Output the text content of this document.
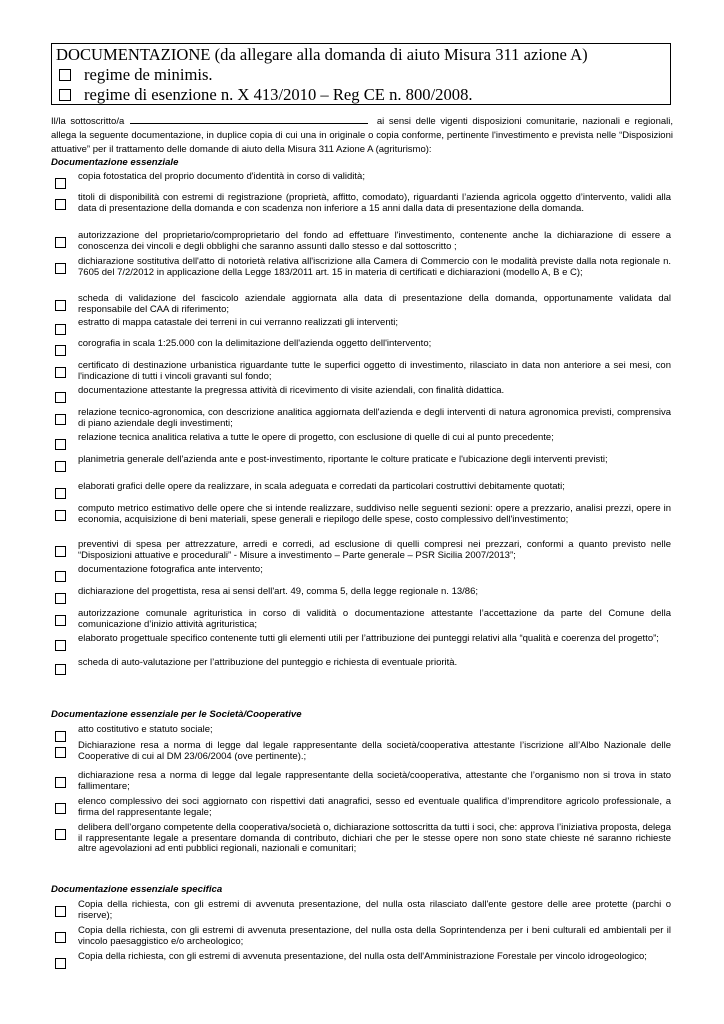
DOCUMENTAZIONE (da allegare alla domanda di aiuto Misura 311 azione A)
regime de minimis.
regime di esenzione n. X 413/2010 – Reg CE n. 800/2008.
Il/la sottoscritto/a	ai sensi delle vigenti disposizioni comunitarie, nazionali e regionali, allega la seguente documentazione, in duplice copia di cui una in originale o copia conforme, pertinente l'investimento e prevista nelle “Disposizioni attuative” per il trattamento delle domande di aiuto della Misura 311 Azione A (agriturismo):
Documentazione essenziale
copia fotostatica del proprio documento d'identità in corso di validità;
titoli di disponibilità con estremi di registrazione (proprietà, affitto, comodato), riguardanti l’azienda agricola oggetto d’intervento, validi alla data di presentazione della domanda e con scadenza non inferiore a 15 anni dalla data di presentazione della domanda.
autorizzazione del proprietario/comproprietario del fondo ad effettuare l'investimento, contenente anche la dichiarazione di essere a conoscenza dei vincoli e degli obblighi che saranno assunti dallo stesso e dal sottoscritto ;
dichiarazione sostitutiva dell'atto di notorietà relativa all'iscrizione alla Camera di Commercio con le modalità previste dalla nota regionale n. 7605 del 7/2/2012 in applicazione della Legge 183/2011 art. 15 in materia di certificati e dichiarazioni (modello A, B e C);
scheda di validazione del fascicolo aziendale aggiornata alla data di presentazione della domanda, opportunamente validata dal responsabile del CAA di riferimento;
estratto di mappa catastale dei terreni in cui verranno realizzati gli interventi;
corografia in scala 1:25.000 con la delimitazione dell'azienda oggetto dell'intervento;
certificato di destinazione urbanistica riguardante tutte le superfici oggetto di investimento, rilasciato in data non anteriore a sei mesi, con l'indicazione di tutti i vincoli gravanti sul fondo;
documentazione attestante la pregressa attività di ricevimento di visite aziendali, con finalità didattica.
relazione tecnico-agronomica, con descrizione analitica aggiornata dell'azienda e degli interventi di natura agronomica previsti, comprensiva di piano aziendale degli investimenti;
relazione tecnica analitica relativa a tutte le opere di progetto, con esclusione di quelle di cui al punto precedente;
planimetria generale dell'azienda ante e post-investimento, riportante le colture praticate e l'ubicazione degli interventi previsti;
elaborati grafici delle opere da realizzare, in scala adeguata e corredati da particolari costruttivi debitamente quotati;
computo metrico estimativo delle opere che si intende realizzare, suddiviso nelle seguenti sezioni: opere a prezzario, analisi prezzi, opere in economia, acquisizione di beni materiali, spese generali e riepilogo delle spese, costo complessivo dell'investimento;
preventivi di spesa per attrezzature, arredi e corredi, ad esclusione di quelli compresi nei prezzari, conformi a quanto previsto nelle “Disposizioni attuative e procedurali” - Misure a investimento – Parte generale – PSR Sicilia 2007/2013”;
documentazione fotografica ante intervento;
dichiarazione del progettista, resa ai sensi dell'art. 49, comma 5, della legge regionale n. 13/86;
autorizzazione comunale agrituristica in corso di validità o documentazione attestante l’accettazione da parte del Comune della comunicazione d’inizio attività agrituristica;
elaborato progettuale specifico contenente tutti gli elementi utili per l’attribuzione dei punteggi relativi alla “qualità e coerenza del progetto”;
scheda di auto-valutazione per l’attribuzione del punteggio e richiesta di eventuale priorità.
Documentazione essenziale per le Società/Cooperative
atto costitutivo e statuto sociale;
Dichiarazione resa a norma di legge dal legale rappresentante della società/cooperativa attestante l’iscrizione all’Albo Nazionale delle Cooperative di cui al DM 23/06/2004 (ove pertinente).;
dichiarazione resa a norma di legge dal legale rappresentante della società/cooperativa, attestante che l’organismo non si trova in stato fallimentare;
elenco complessivo dei soci aggiornato con rispettivi dati anagrafici, sesso ed eventuale qualifica d’imprenditore agricolo professionale, a firma del rappresentante legale;
delibera dell’organo competente della cooperativa/società o, dichiarazione sottoscritta da tutti i soci, che: approva l’iniziativa proposta, delega il rappresentante legale a presentare domanda di contributo, dichiari che per le stesse opere non sono state chieste né saranno richieste altre agevolazioni ad enti pubblici regionali, nazionali e comunitari;
Documentazione essenziale specifica
Copia della richiesta, con gli estremi di avvenuta presentazione, del nulla osta rilasciato dall'ente gestore delle aree protette (parchi o riserve);
Copia della richiesta, con gli estremi di avvenuta presentazione, del nulla osta della Soprintendenza per i beni culturali ed ambientali per il vincolo paesaggistico e/o archeologico;
Copia della richiesta, con gli estremi di avvenuta presentazione, del nulla osta dell'Amministrazione Forestale per vincolo idrogeologico;
